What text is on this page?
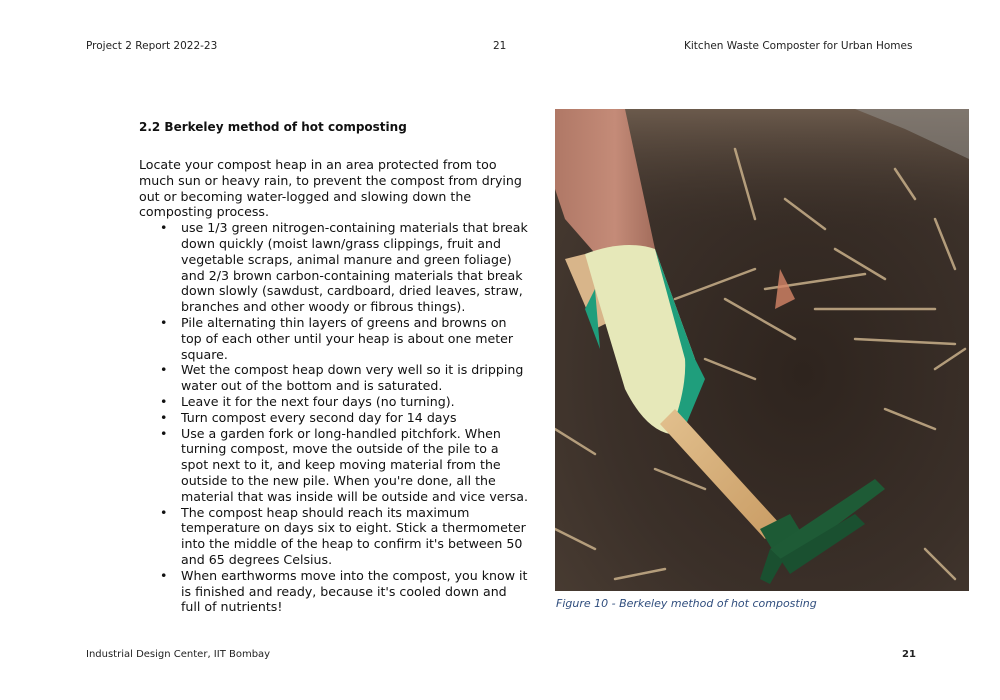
Project 2 Report 2022-23	21	Kitchen Waste Composter for Urban Homes
2.2 Berkeley method of hot composting

Locate your compost heap in an area protected from too much sun or heavy rain, to prevent the compost from drying out or becoming water-logged and slowing down the composting process.

• use 1/3 green nitrogen-containing materials that break down quickly (moist lawn/grass clippings, fruit and vegetable scraps, animal manure and green foliage) and 2/3 brown carbon-containing materials that break down slowly (sawdust, cardboard, dried leaves, straw, branches and other woody or fibrous things).
• Pile alternating thin layers of greens and browns on top of each other until your heap is about one meter square.
• Wet the compost heap down very well so it is dripping water out of the bottom and is saturated.
• Leave it for the next four days (no turning).
• Turn compost every second day for 14 days
• Use a garden fork or long-handled pitchfork. When turning compost, move the outside of the pile to a spot next to it, and keep moving material from the outside to the new pile. When you're done, all the material that was inside will be outside and vice versa.
• The compost heap should reach its maximum temperature on days six to eight. Stick a thermometer into the middle of the heap to confirm it's between 50 and 65 degrees Celsius.
• When earthworms move into the compost, you know it is finished and ready, because it's cooled down and full of nutrients!	Figure 10 - Berkeley method of hot composting
Industrial Design Center, IIT Bombay	21
